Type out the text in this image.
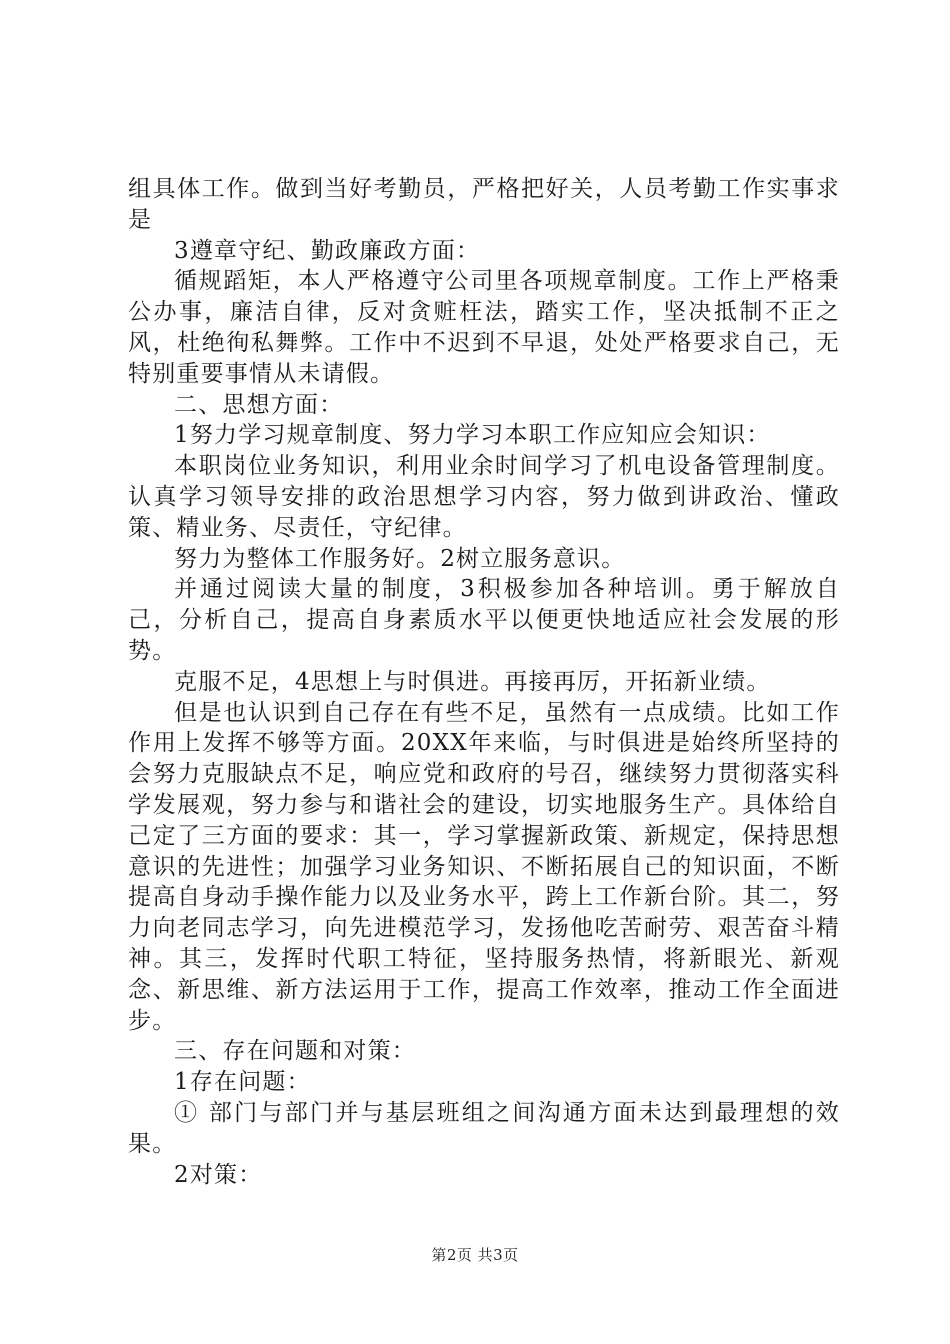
组具体工作。做到当好考勤员，严格把好关，人员考勤工作实事求是

3遵章守纪、勤政廉政方面：

循规蹈矩，本人严格遵守公司里各项规章制度。工作上严格秉公办事，廉洁自律，反对贪赃枉法，踏实工作，坚决抵制不正之风，杜绝徇私舞弊。工作中不迟到不早退，处处严格要求自己，无特别重要事情从未请假。

二、思想方面：

1努力学习规章制度、努力学习本职工作应知应会知识：

本职岗位业务知识，利用业余时间学习了机电设备管理制度。认真学习领导安排的政治思想学习内容，努力做到讲政治、懂政策、精业务、尽责任，守纪律。

努力为整体工作服务好。2树立服务意识。

并通过阅读大量的制度，3积极参加各种培训。勇于解放自己，分析自己，提高自身素质水平以便更快地适应社会发展的形势。

克服不足，4思想上与时俱进。再接再厉，开拓新业绩。

但是也认识到自己存在有些不足，虽然有一点成绩。比如工作作用上发挥不够等方面。20XX年来临，与时俱进是始终所坚持的会努力克服缺点不足，响应党和政府的号召，继续努力贯彻落实科学发展观，努力参与和谐社会的建设，切实地服务生产。具体给自己定了三方面的要求：其一，学习掌握新政策、新规定，保持思想意识的先进性；加强学习业务知识、不断拓展自己的知识面，不断提高自身动手操作能力以及业务水平，跨上工作新台阶。其二，努力向老同志学习，向先进模范学习，发扬他吃苦耐劳、艰苦奋斗精神。其三，发挥时代职工特征，坚持服务热情，将新眼光、新观念、新思维、新方法运用于工作，提高工作效率，推动工作全面进步。

三、存在问题和对策：

1存在问题：

① 部门与部门并与基层班组之间沟通方面未达到最理想的效果。

2对策：

第2页 共3页
